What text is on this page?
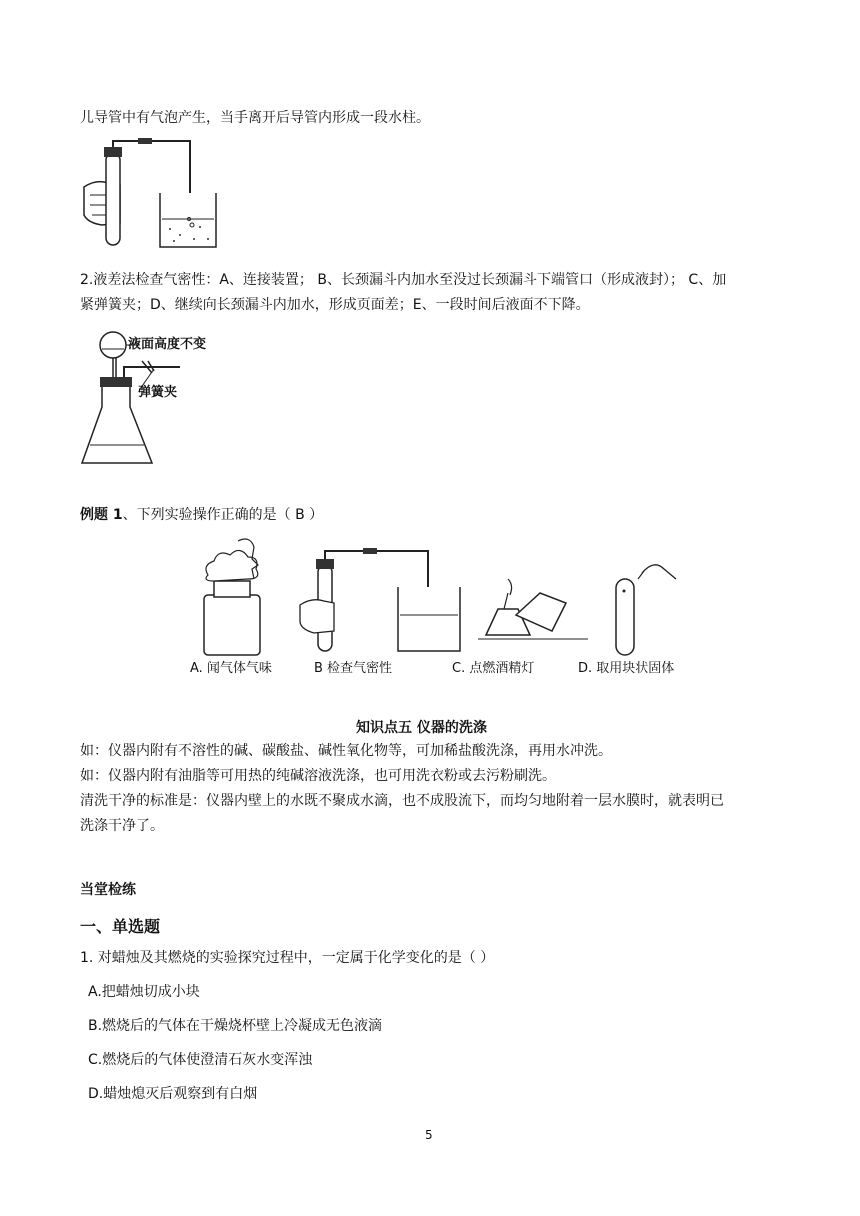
儿导管中有气泡产生，当手离开后导管内形成一段水柱。
2.液差法检查气密性：A、连接装置； B、长颈漏斗内加水至没过长颈漏斗下端管口（形成液封）； C、加
紧弹簧夹；D、继续向长颈漏斗内加水，形成页面差；E、一段时间后液面不下降。
液面高度不变
弹簧夹
例题 1、下列实验操作正确的是（ B ）
A. 闻气体气味	B 检查气密性	C. 点燃酒精灯	D. 取用块状固体
知识点五 仪器的洗涤
如：仪器内附有不溶性的碱、碳酸盐、碱性氧化物等，可加稀盐酸洗涤，再用水冲洗。
如：仪器内附有油脂等可用热的纯碱溶液洗涤，也可用洗衣粉或去污粉刷洗。
清洗干净的标准是：仪器内壁上的水既不聚成水滴，也不成股流下，而均匀地附着一层水膜时，就表明已
洗涤干净了。
当堂检练
一、单选题
1. 对蜡烛及其燃烧的实验探究过程中，一定属于化学变化的是（ ）
A.把蜡烛切成小块
B.燃烧后的气体在干燥烧杯壁上冷凝成无色液滴
C.燃烧后的气体使澄清石灰水变浑浊
D.蜡烛熄灭后观察到有白烟
5
